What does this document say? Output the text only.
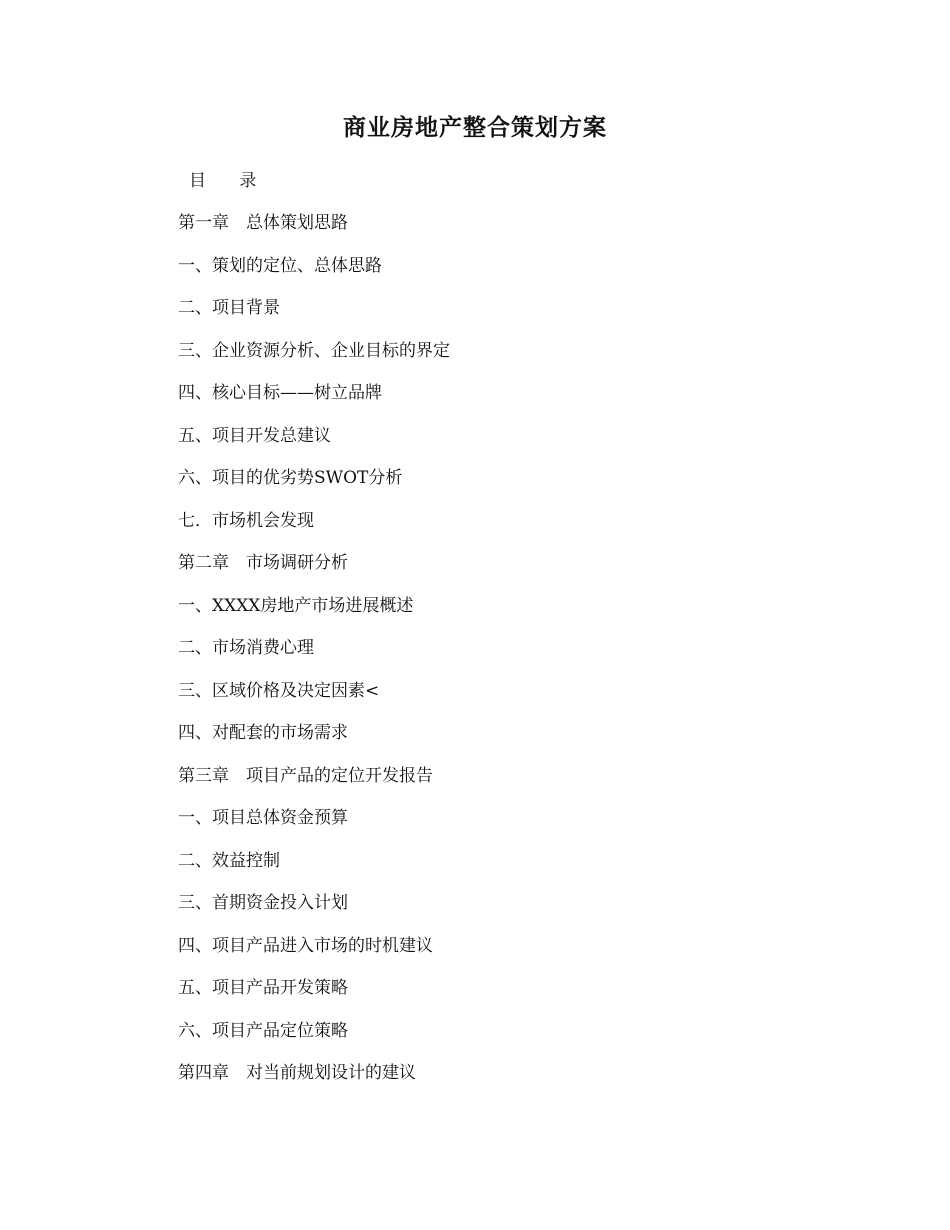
商业房地产整合策划方案
目 录
第一章　总体策划思路
一、策划的定位、总体思路
二、项目背景
三、企业资源分析、企业目标的界定
四、核心目标——树立品牌
五、项目开发总建议
六、项目的优劣势SWOT分析
七．市场机会发现
第二章　市场调研分析
一、XXXX房地产市场进展概述
二、市场消费心理
三、区域价格及决定因素<
四、对配套的市场需求
第三章　项目产品的定位开发报告
一、项目总体资金预算
二、效益控制
三、首期资金投入计划
四、项目产品进入市场的时机建议
五、项目产品开发策略
六、项目产品定位策略
第四章　对当前规划设计的建议
